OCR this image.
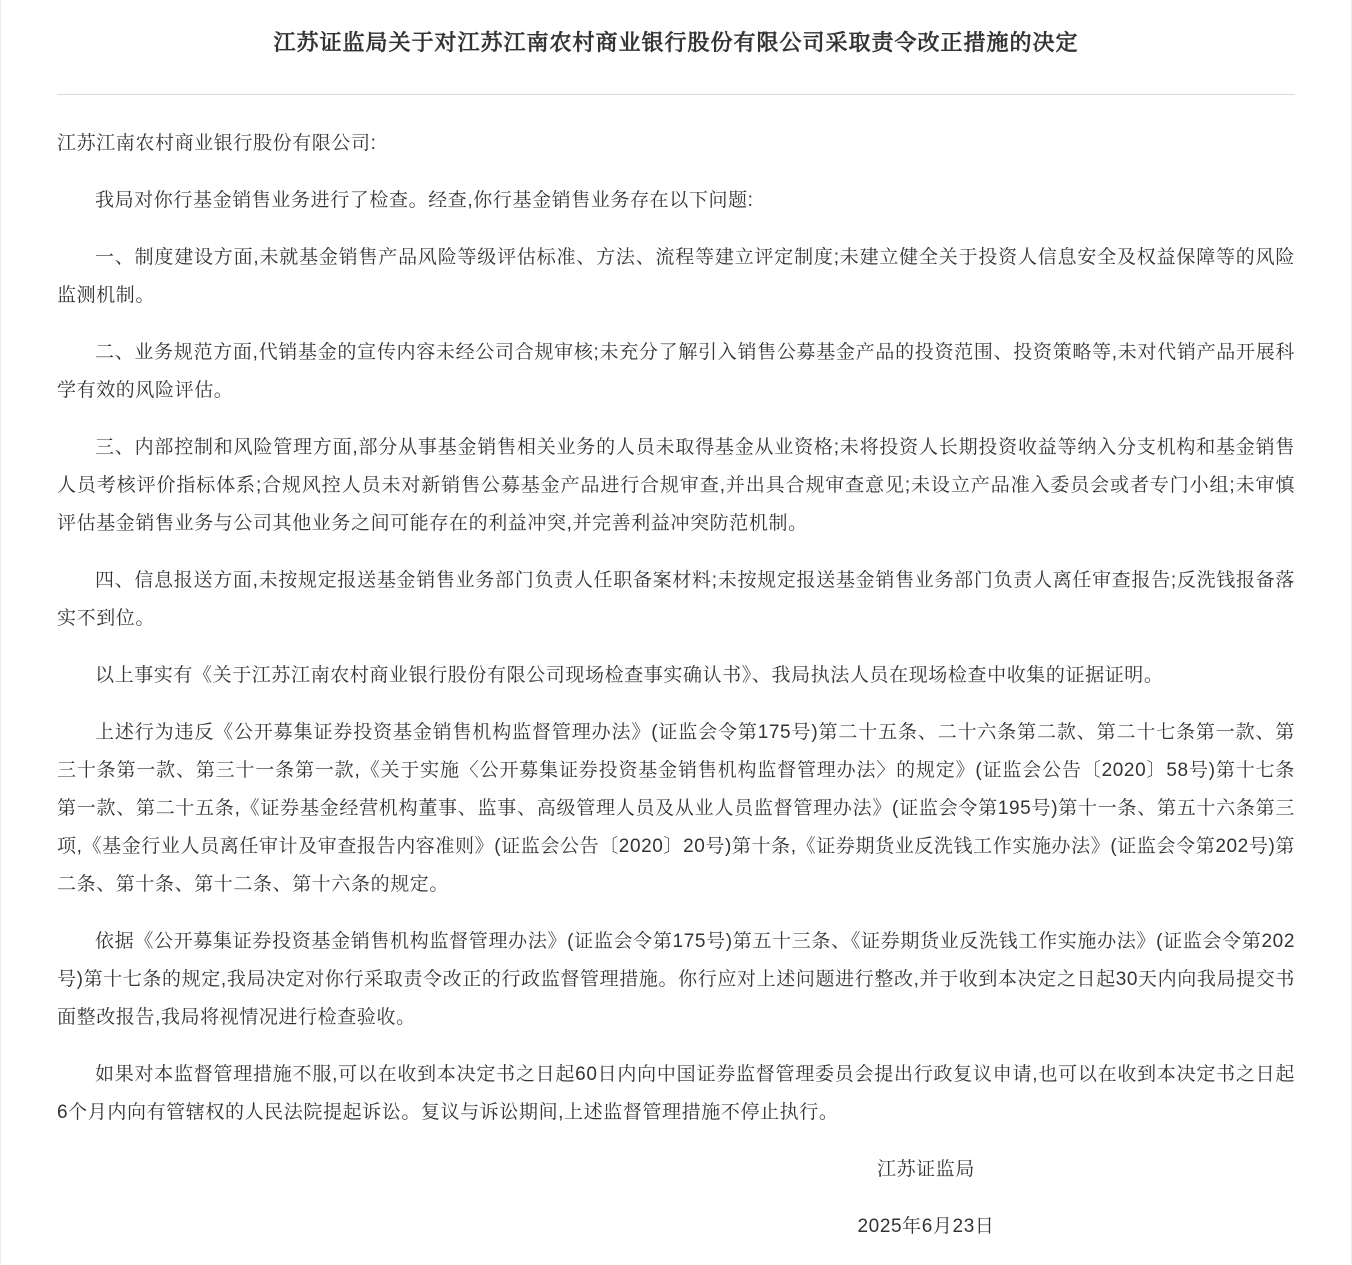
江苏证监局关于对江苏江南农村商业银行股份有限公司采取责令改正措施的决定

江苏江南农村商业银行股份有限公司:

我局对你行基金销售业务进行了检查。经查,你行基金销售业务存在以下问题:

一、制度建设方面,未就基金销售产品风险等级评估标准、方法、流程等建立评定制度;未建立健全关于投资人信息安全及权益保障等的风险监测机制。

二、业务规范方面,代销基金的宣传内容未经公司合规审核;未充分了解引入销售公募基金产品的投资范围、投资策略等,未对代销产品开展科学有效的风险评估。

三、内部控制和风险管理方面,部分从事基金销售相关业务的人员未取得基金从业资格;未将投资人长期投资收益等纳入分支机构和基金销售人员考核评价指标体系;合规风控人员未对新销售公募基金产品进行合规审查,并出具合规审查意见;未设立产品准入委员会或者专门小组;未审慎评估基金销售业务与公司其他业务之间可能存在的利益冲突,并完善利益冲突防范机制。

四、信息报送方面,未按规定报送基金销售业务部门负责人任职备案材料;未按规定报送基金销售业务部门负责人离任审查报告;反洗钱报备落实不到位。

以上事实有《关于江苏江南农村商业银行股份有限公司现场检查事实确认书》、我局执法人员在现场检查中收集的证据证明。

上述行为违反《公开募集证券投资基金销售机构监督管理办法》(证监会令第175号)第二十五条、二十六条第二款、第二十七条第一款、第三十条第一款、第三十一条第一款,《关于实施〈公开募集证券投资基金销售机构监督管理办法〉的规定》(证监会公告〔2020〕58号)第十七条第一款、第二十五条,《证券基金经营机构董事、监事、高级管理人员及从业人员监督管理办法》(证监会令第195号)第十一条、第五十六条第三项,《基金行业人员离任审计及审查报告内容准则》(证监会公告〔2020〕20号)第十条,《证券期货业反洗钱工作实施办法》(证监会令第202号)第二条、第十条、第十二条、第十六条的规定。

依据《公开募集证券投资基金销售机构监督管理办法》(证监会令第175号)第五十三条、《证券期货业反洗钱工作实施办法》(证监会令第202号)第十七条的规定,我局决定对你行采取责令改正的行政监督管理措施。你行应对上述问题进行整改,并于收到本决定之日起30天内向我局提交书面整改报告,我局将视情况进行检查验收。

如果对本监督管理措施不服,可以在收到本决定书之日起60日内向中国证券监督管理委员会提出行政复议申请,也可以在收到本决定书之日起6个月内向有管辖权的人民法院提起诉讼。复议与诉讼期间,上述监督管理措施不停止执行。

江苏证监局

2025年6月23日
